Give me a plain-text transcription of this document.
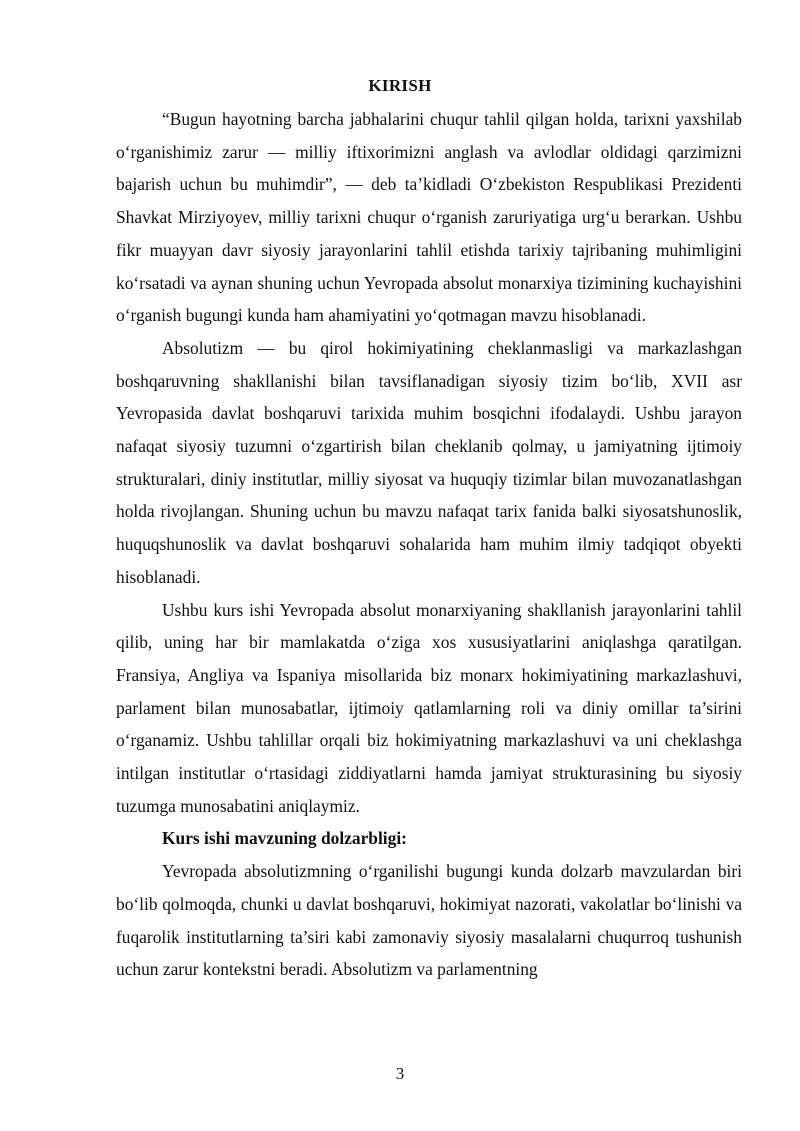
KIRISH

“Bugun hayotning barcha jabhalarini chuqur tahlil qilgan holda, tarixni yaxshilab o‘rganishimiz zarur — milliy iftixorimizni anglash va avlodlar oldidagi qarzimizni bajarish uchun bu muhimdir”, — deb ta’kidladi O‘zbekiston Respublikasi Prezidenti Shavkat Mirziyoyev, milliy tarixni chuqur o‘rganish zaruriyatiga urg‘u berarkan. Ushbu fikr muayyan davr siyosiy jarayonlarini tahlil etishda tarixiy tajribaning muhimligini ko‘rsatadi va aynan shuning uchun Yevropada absolut monarxiya tizimining kuchayishini o‘rganish bugungi kunda ham ahamiyatini yo‘qotmagan mavzu hisoblanadi.

Absolutizm — bu qirol hokimiyatining cheklanmasligi va markazlashgan boshqaruvning shakllanishi bilan tavsiflanadigan siyosiy tizim bo‘lib, XVII asr Yevropasida davlat boshqaruvi tarixida muhim bosqichni ifodalaydi. Ushbu jarayon nafaqat siyosiy tuzumni o‘zgartirish bilan cheklanib qolmay, u jamiyatning ijtimoiy strukturalari, diniy institutlar, milliy siyosat va huquqiy tizimlar bilan muvozanatlashgan holda rivojlangan. Shuning uchun bu mavzu nafaqat tarix fanida balki siyosatshunoslik, huquqshunoslik va davlat boshqaruvi sohalarida ham muhim ilmiy tadqiqot obyekti hisoblanadi.

Ushbu kurs ishi Yevropada absolut monarxiyaning shakllanish jarayonlarini tahlil qilib, uning har bir mamlakatda o‘ziga xos xususiyatlarini aniqlashga qaratilgan. Fransiya, Angliya va Ispaniya misollarida biz monarx hokimiyatining markazlashuvi, parlament bilan munosabatlar, ijtimoiy qatlamlarning roli va diniy omillar ta’sirini o‘rganamiz. Ushbu tahlillar orqali biz hokimiyatning markazlashuvi va uni cheklashga intilgan institutlar o‘rtasidagi ziddiyatlarni hamda jamiyat strukturasining bu siyosiy tuzumga munosabatini aniqlaymiz.

Kurs ishi mavzuning dolzarbligi:

Yevropada absolutizmning o‘rganilishi bugungi kunda dolzarb mavzulardan biri bo‘lib qolmoqda, chunki u davlat boshqaruvi, hokimiyat nazorati, vakolatlar bo‘linishi va fuqarolik institutlarning ta’siri kabi zamonaviy siyosiy masalalarni chuqurroq tushunish uchun zarur kontekstni beradi. Absolutizm va parlamentning

3
